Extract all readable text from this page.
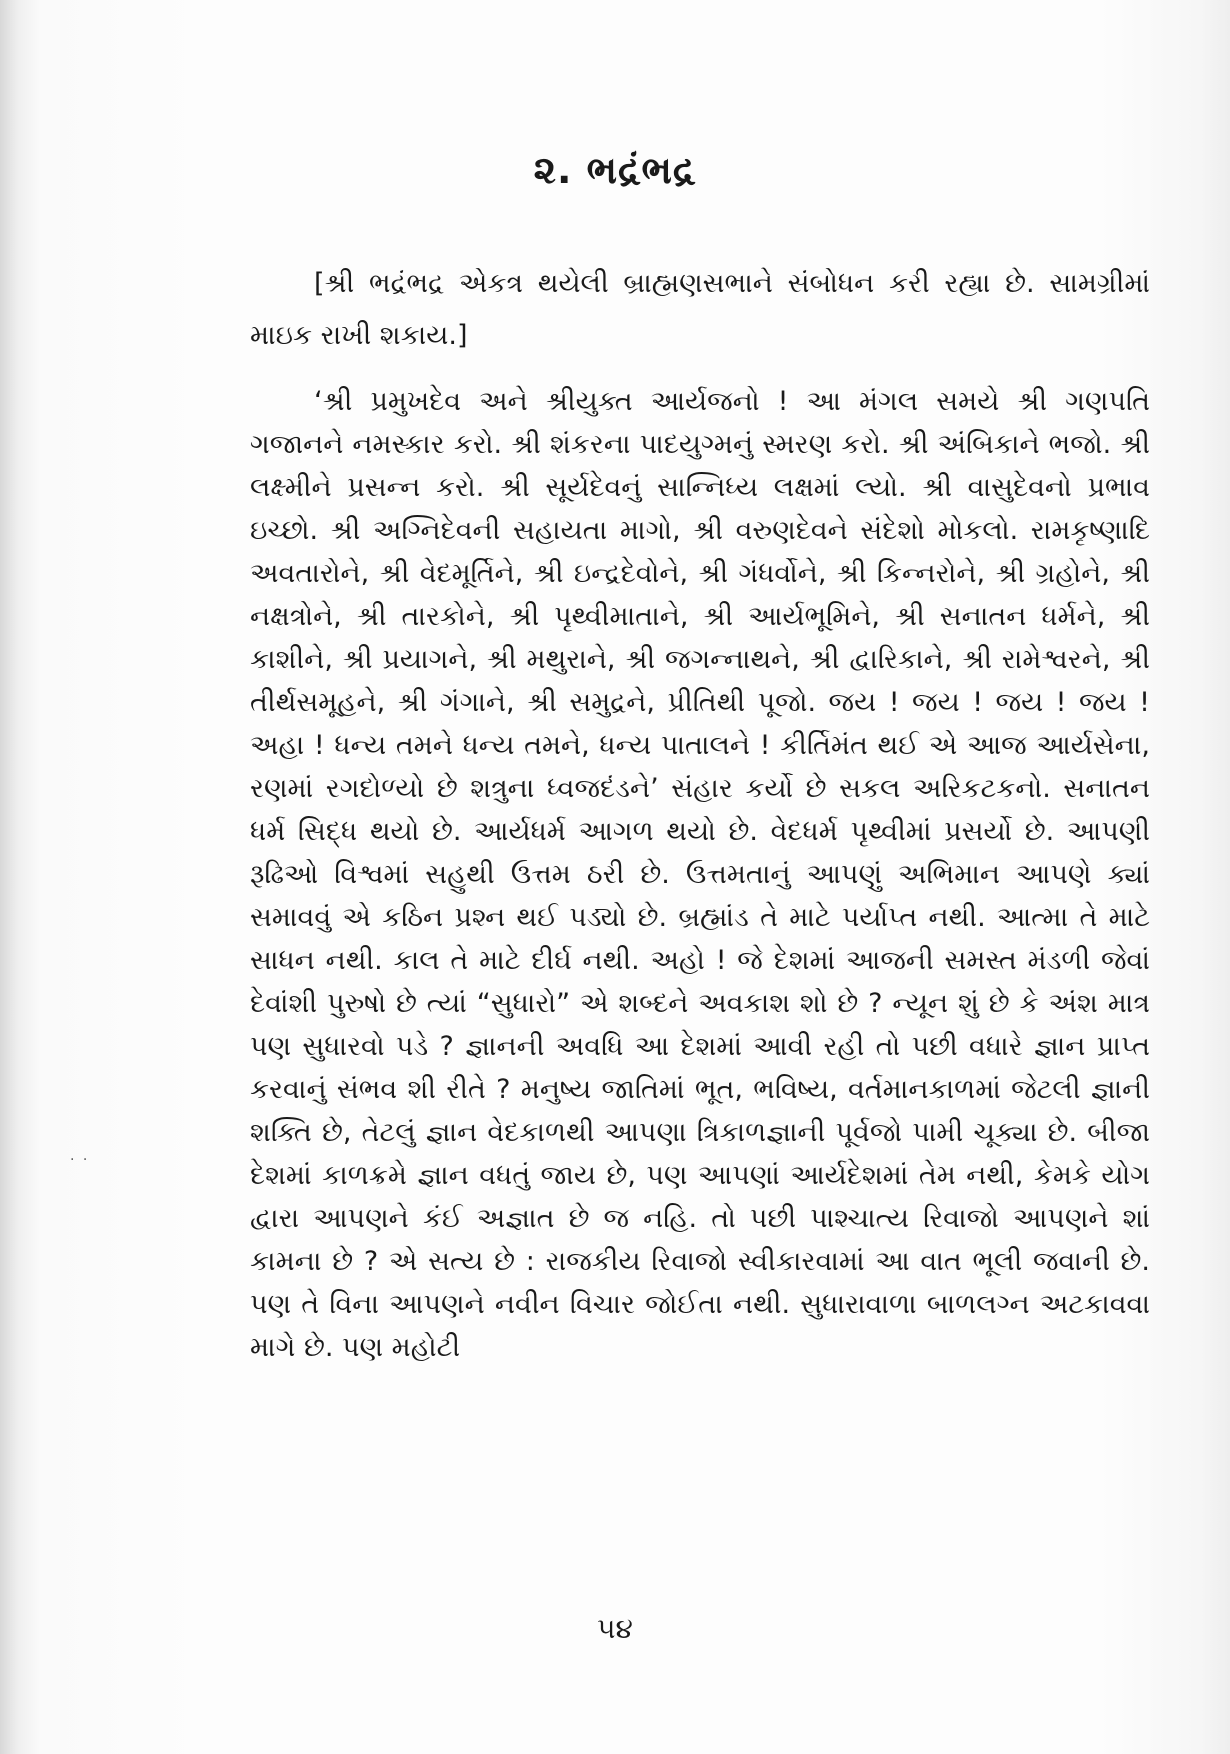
૨. ભદ્રંભદ્ર

[શ્રી ભદ્રંભદ્ર એકત્ર થયેલી બ્રાહ્મણસભાને સંબોધન કરી રહ્યા છે. સામગ્રીમાં માઇક રાખી શકાય.]

‘શ્રી પ્રમુખદેવ અને શ્રીયુક્ત આર્યજનો ! આ મંગલ સમયે શ્રી ગણપતિ ગજાનને નમસ્કાર કરો. શ્રી શંકરના પાદયુગ્મનું સ્મરણ કરો. શ્રી અંબિકાને ભજો. શ્રી લક્ષ્મીને પ્રસન્ન કરો. શ્રી સૂર્યદેવનું સાન્નિધ્ય લક્ષમાં લ્યો. શ્રી વાસુદેવનો પ્રભાવ ઇચ્છો. શ્રી અગ્નિદેવની સહાયતા માગો, શ્રી વરુણદેવને સંદેશો મોકલો. રામકૃષ્ણાદિ અવતારોને, શ્રી વેદમૂર્તિને, શ્રી ઇન્દ્રદેવોને, શ્રી ગંધર્વોને, શ્રી કિન્નરોને, શ્રી ગ્રહોને, શ્રી નક્ષત્રોને, શ્રી તારકોને, શ્રી પૃથ્વીમાતાને, શ્રી આર્યભૂમિને, શ્રી સનાતન ધર્મને, શ્રી કાશીને, શ્રી પ્રયાગને, શ્રી મથુરાને, શ્રી જગન્નાથને, શ્રી દ્વારિકાને, શ્રી રામેશ્વરને, શ્રી તીર્થસમૂહને, શ્રી ગંગાને, શ્રી સમુદ્રને, પ્રીતિથી પૂજો. જય ! જય ! જય ! જય ! અહા ! ધન્ય તમને ધન્ય તમને, ધન્ય પાતાલને ! કીર્તિમંત થઈ એ આજ આર્યસેના, રણમાં રગદોળ્યો છે શત્રુના ધ્વજદંડને’ સંહાર કર્યો છે સકલ અરિકટકનો. સનાતન ધર્મ સિદ્ધ થયો છે. આર્યધર્મ આગળ થયો છે. વેદધર્મ પૃથ્વીમાં પ્રસર્યો છે. આપણી રૂઢિઓ વિશ્વમાં સહુથી ઉત્તમ ઠરી છે. ઉત્તમતાનું આપણું અભિમાન આપણે ક્યાં સમાવવું એ કઠિન પ્રશ્ન થઈ પડ્યો છે. બ્રહ્માંડ તે માટે પર્યાપ્ત નથી. આત્મા તે માટે સાધન નથી. કાલ તે માટે દીર્ઘ નથી. અહો ! જે દેશમાં આજની સમસ્ત મંડળી જેવાં દેવાંશી પુરુષો છે ત્યાં “સુધારો” એ શબ્દને અવકાશ શો છે ? ન્યૂન શું છે કે અંશ માત્ર પણ સુધારવો પડે ? જ્ઞાનની અવધિ આ દેશમાં આવી રહી તો પછી વધારે જ્ઞાન પ્રાપ્ત કરવાનું સંભવ શી રીતે ? મનુષ્ય જાતિમાં ભૂત, ભવિષ્ય, વર્તમાનકાળમાં જેટલી જ્ઞાની શક્તિ છે, તેટલું જ્ઞાન વેદકાળથી આપણા ત્રિકાળજ્ઞાની પૂર્વજો પામી ચૂક્યા છે. બીજા દેશમાં કાળક્રમે જ્ઞાન વધતું જાય છે, પણ આપણાં આર્યદેશમાં તેમ નથી, કેમકે યોગ દ્વારા આપણને કંઈ અજ્ઞાત છે જ નહિ. તો પછી પાશ્ચાત્ય રિવાજો આપણને શાં કામના છે ? એ સત્ય છે : રાજકીય રિવાજો સ્વીકારવામાં આ વાત ભૂલી જવાની છે. પણ તે વિના આપણને નવીન વિચાર જોઈતા નથી. સુધારાવાળા બાળલગ્ન અટકાવવા માગે છે. પણ મહોટી

· ·

૫૪
